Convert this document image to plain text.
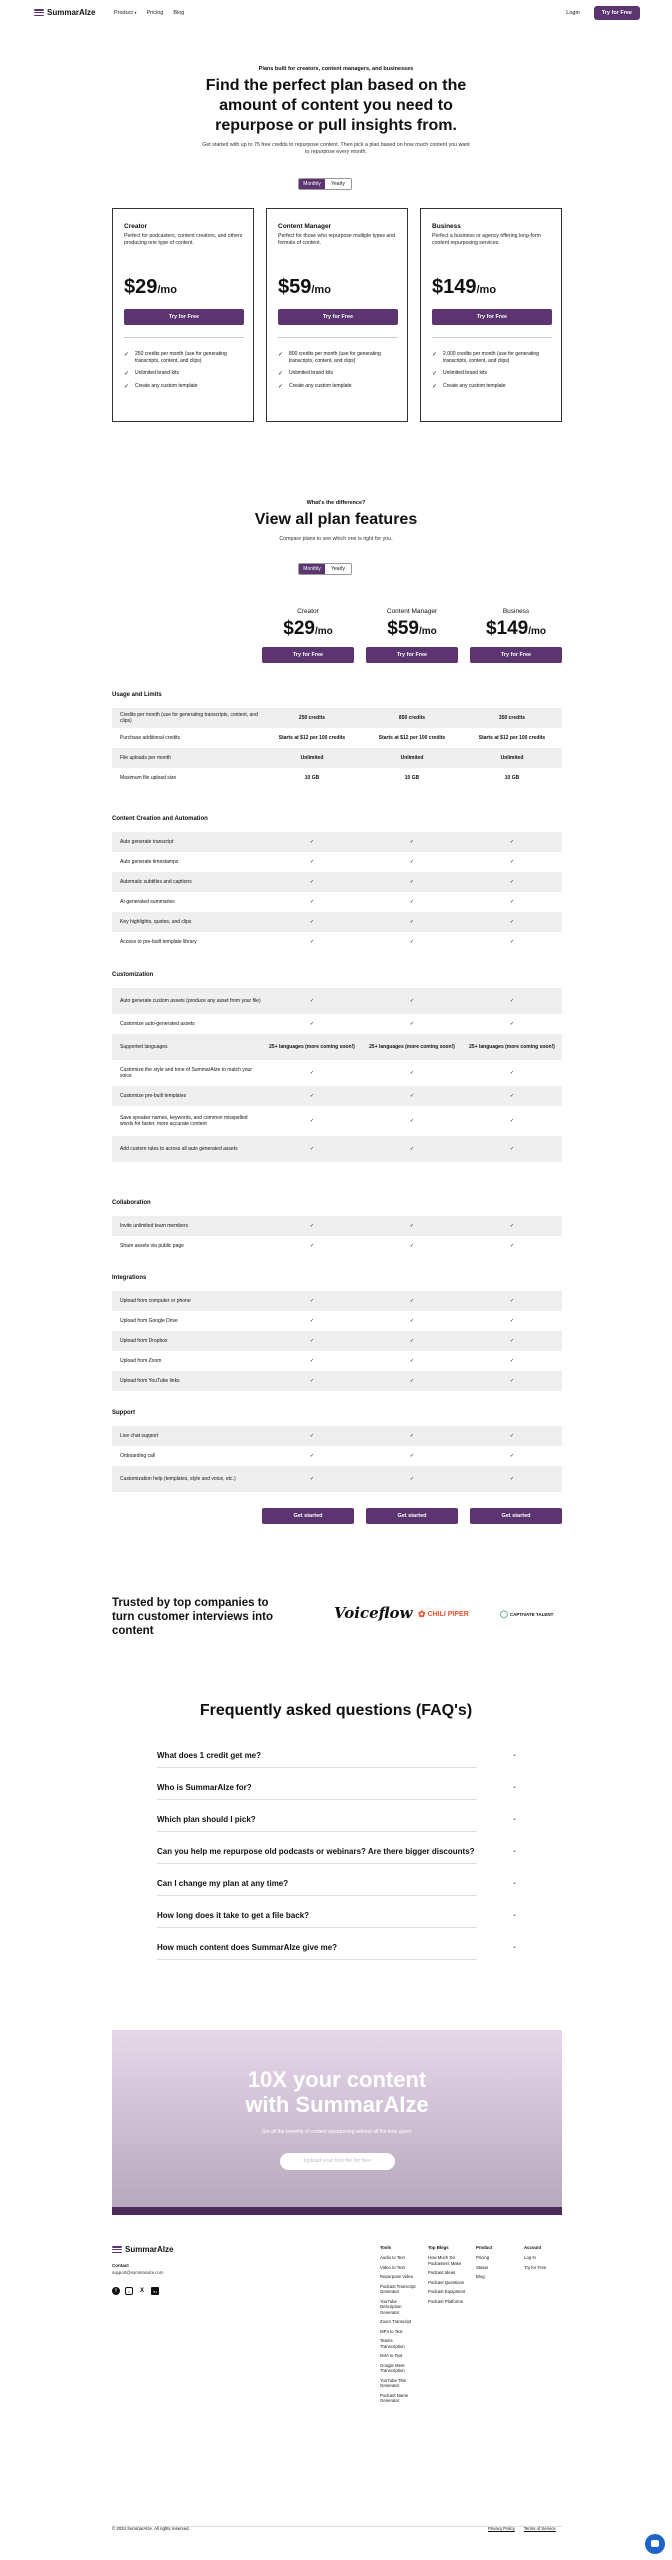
SummarAIze	Product ▾ Pricing Blog	Login	Try for Free
Plans built for creators, content managers, and businesses
Find the perfect plan based on the amount of content you need to repurpose or pull insights from.
Get started with up to 75 free credits to repurpose content. Then pick a plan based on how much content you want to repurpose every month.
Monthly	Yearly
Creator
Perfect for podcasters, content creators, and others producing one type of content.
$29/mo
Try for Free
✓ 250 credits per month (use for generating transcripts, content, and clips)
✓ Unlimited brand kits
✓ Create any custom template
Content Manager
Perfect for those who repurpose multiple types and formats of content.
$59/mo
Try for Free
✓ 800 credits per month (use for generating transcripts, content, and clips)
✓ Unlimited brand kits
✓ Create any custom template
Business
Perfect a business or agency offering long-form content repurposing services.
$149/mo
Try for Free
✓ 2,000 credits per month (use for generating transcripts, content, and clips)
✓ Unlimited brand kits
✓ Create any custom template
What's the difference?
View all plan features
Compare plans to see which one is right for you.
Monthly	Yearly
Creator
$29/mo
Try for Free
Content Manager
$59/mo
Try for Free
Business
$149/mo
Try for Free
Usage and Limits
Credits per month (use for generating transcripts, content, and clips)
250 credits	850 credits	350 credits
Purchase additional credits	Starts at $12 per 100 credits	Starts at $12 per 100 credits	Starts at $12 per 100 credits
File uploads per month	Unlimited	Unlimited	Unlimited
Maximum file upload size	10 GB	10 GB	10 GB
Content Creation and Automation
Auto generate transcript	✓	✓	✓
Auto generate timestamps	✓	✓	✓
Automatic subtitles and captions	✓	✓	✓
AI-generated summaries	✓	✓	✓
Key highlights, quotes, and clips	✓	✓	✓
Access to pre-built template library	✓	✓	✓
Customization
Auto generate custom assets (produce any asset from your file)	✓	✓	✓
Customize auto-generated assets	✓	✓	✓
Supported languages	25+ languages (more coming soon!)	25+ languages (more coming soon!)	25+ languages (more coming soon!)
Customize the style and tone of SummarAIze to match your voice
✓	✓	✓
Customize pre-built templates	✓	✓	✓
Save speaker names, keywords, and common misspelled words for faster, more accurate content
✓	✓	✓
Add custom rules to across all auto generated assets	✓	✓	✓
Collaboration
Invite unlimited team members	✓	✓	✓
Share assets via public page	✓	✓	✓
Integrations
Upload from computer or phone	✓	✓	✓
Upload from Google Drive	✓	✓	✓
Upload from Dropbox	✓	✓	✓
Upload from Zoom	✓	✓	✓
Upload from YouTube links	✓	✓	✓
Support
Live chat support	✓	✓	✓
Onboarding call	✓	✓	✓
Customization help (templates, style and voice, etc.)	✓	✓	✓
Get started	Get started	Get started
Trusted by top companies to turn customer interviews into content
Voiceflow ✿ CHILI PIPER	◯ CAPTIVATE TALENT
Frequently asked questions (FAQ's)
What does 1 credit get me?	⌄
Who is SummarAIze for?	⌄
Which plan should I pick?	⌄
Can you help me repurpose old podcasts or webinars? Are there bigger discounts?	⌄
Can I change my plan at any time?	⌄
How long does it take to get a file back?	⌄
How much content does SummarAIze give me?	⌄
10X your content with SummarAIze
Get all the benefits of content repurposing without all the time spent.
Upload your first file for free
SummarAIze
Contact
support@summaraize.com
f	○	X	in
Tools
Audio to Text
Video to Text
Repurpose Video
Podcast Transcript Generator
YouTube Description Generator
Zoom Transcript
MP4 to Text
Teams Transcription
M4A to Text
Google Meet Transcription
YouTube Title Generator
Podcast Name Generator
Top Blogs
How Much Do Podcasters Make
Podcast Ideas
Podcast Questions
Podcast Equipment
Podcast Platforms
Product
Pricing
Status
Blog
Account
Log In
Try for Free
© 2024 SummarAIze. All rights reserved.	Privacy Policy Terms of Service
